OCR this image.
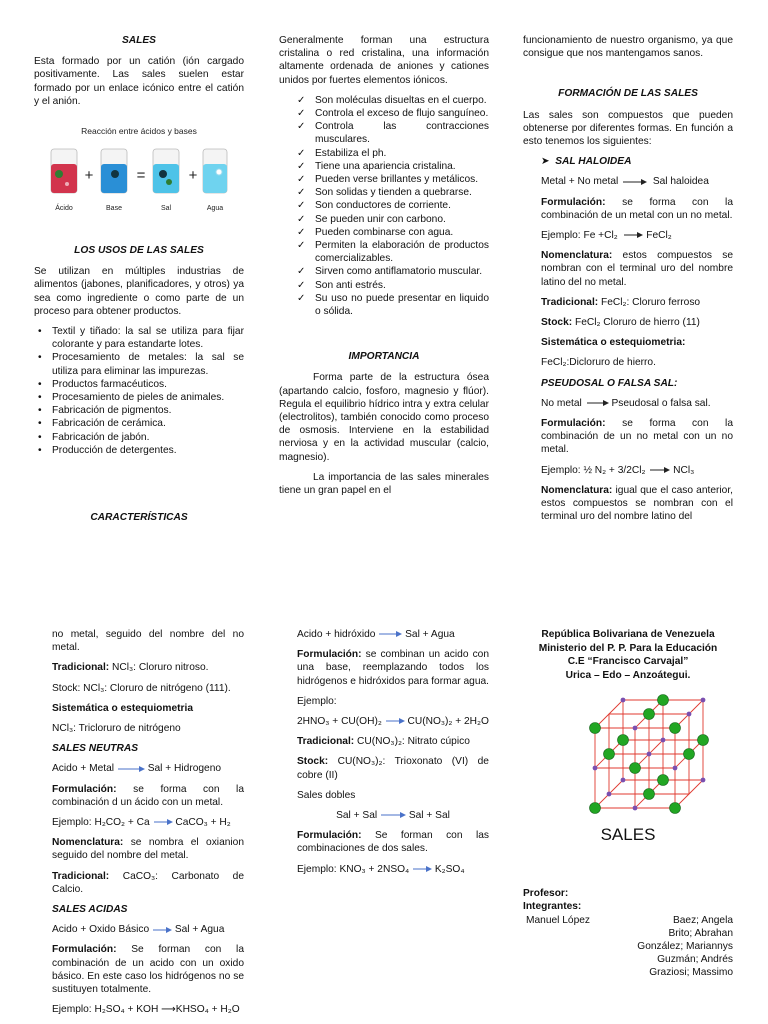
SALES

Esta formado por un catión (ión cargado positivamente. Las sales suelen estar formado por un enlace icónico entre el catión y el anión.

Reacción entre ácidos y bases
Ácido
+
Base
=
Sal
+
Agua
LOS USOS DE LAS SALES

Se utilizan en múltiples industrias de alimentos (jabones, planificadores, y otros) ya sea como ingrediente o como parte de un proceso para obtener productos.

• Textil y tiñado: la sal se utiliza para fijar colorante y para estandarte lotes.
• Procesamiento de metales: la sal se utiliza para eliminar las impurezas.
• Productos farmacéuticos.
• Procesamiento de pieles de animales.
• Fabricación de pigmentos.
• Fabricación de cerámica.
• Fabricación de jabón.
• Producción de detergentes.
CARACTERÍSTICAS

Generalmente forman una estructura cristalina o red cristalina, una información altamente ordenada de aniones y cationes unidos por fuertes elementos iónicos.

✓ Son moléculas disueltas en el cuerpo.
✓ Controla el exceso de flujo sanguíneo.
✓ Controla las contracciones musculares.
✓ Estabiliza el ph.
✓ Tiene una apariencia cristalina.
✓ Pueden verse brillantes y metálicos.
✓ Son solidas y tienden a quebrarse.
✓ Son conductores de corriente.
✓ Se pueden unir con carbono.
✓ Pueden combinarse con agua.
✓ Permiten la elaboración de productos comercializables.
✓ Sirven como antiflamatorio muscular.
✓ Son anti estrés.
✓ Su uso no puede presentar en liquido o sólida.
IMPORTANCIA

Forma parte de la estructura ósea (apartando calcio, fosforo, magnesio y flúor). Regula el equilibrio hídrico intra y extra celular (electrolitos), también conocido como proceso de osmosis. Interviene en la estabilidad nerviosa y en la actividad muscular (calcio, magnesio).

La importancia de las sales minerales tiene un gran papel en el

funcionamiento de nuestro organismo, ya que consigue que nos mantengamos sanos.

FORMACIÓN DE LAS SALES

Las sales son compuestos que pueden obtenerse por diferentes formas. En función a esto tenemos los siguientes:

➤ SAL HALOIDEA

Metal + No metal	Sal haloidea

Formulación: se forma con la combinación de un metal con un no metal.

Ejemplo: Fe +Cl₂	FeCl₂

Nomenclatura: estos compuestos se nombran con el terminal uro del nombre latino del no metal.

Tradicional: FeCl₂: Cloruro ferroso

Stock: FeCl₂ Cloruro de hierro (11)

Sistemática o estequiometria:

FeCl₂:Dicloruro de hierro.

PSEUDOSAL O FALSA SAL:

No metal	Pseudosal o falsa sal.

Formulación: se forma con la combinación de un no metal con un no metal.

Ejemplo: ½ N₂ + 3/2Cl₂	NCl₃

Nomenclatura: igual que el caso anterior, estos compuestos se nombran con el terminal uro del nombre latino del

no metal, seguido del nombre del no metal.

Tradicional: NCl₃: Cloruro nitroso.

Stock: NCl₃: Cloruro de nitrógeno (111).

Sistemática o estequiometria

NCl₃: Tricloruro de nitrógeno

SALES NEUTRAS

Acido + Metal	Sal + Hidrogeno

Formulación: se forma con la combinación d un ácido con un metal.

Ejemplo: H₂CO₂ + Ca	CaCO₃ + H₂

Nomenclatura: se nombra el oxianion seguido del nombre del metal.

Tradicional: CaCO₃: Carbonato de Calcio.

SALES ACIDAS

Acido + Oxido Básico	Sal + Agua

Formulación: Se forman con la combinación de un acido con un oxido básico. En este caso los hidrógenos no se sustituyen totalmente.

Ejemplo: H₂SO₄ + KOH ⟶KHSO₄ + H₂O

Acido + hidróxido	Sal + Agua

Formulación: se combinan un acido con una base, reemplazando todos los hidrógenos e hidróxidos para formar agua.

Ejemplo:

2HNO₃ + CU(OH)₂	CU(NO₃)₂ + 2H₂O

Tradicional: CU(NO₃)₂: Nitrato cúpico

Stock: CU(NO₃)₂: Trioxonato (VI) de cobre (II)

Sales dobles

Sal + Sal	Sal + Sal

Formulación: Se forman con las combinaciones de dos sales.

Ejemplo: KNO₃ + 2NSO₄	K₂SO₄

República Bolivariana de Venezuela
Ministerio del P. P. Para la Educación
C.E “Francisco Carvajal”
Urica – Edo – Anzoátegui.
SALES
Profesor:
Integrantes:
Manuel López	Baez; Angela
Brito; Abrahan
González; Mariannys
Guzmán; Andrés
Graziosi; Massimo
